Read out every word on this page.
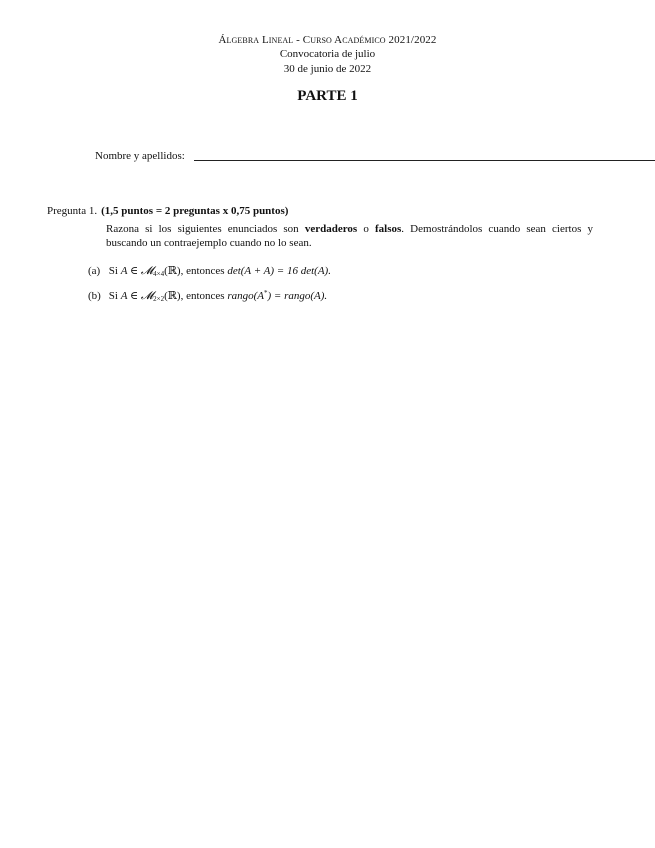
Álgebra Lineal - Curso Académico 2021/2022
Convocatoria de julio
30 de junio de 2022
PARTE 1
Nombre y apellidos:
Pregunta 1. (1,5 puntos = 2 preguntas x 0,75 puntos)
Razona si los siguientes enunciados son verdaderos o falsos. Demostrándolos cuando sean ciertos y buscando un contraejemplo cuando no lo sean.
(a) Si A ∈ 𝓜$_{4\times 4}$(ℝ), entonces det(A + A) = 16 det(A).
(b) Si A ∈ 𝓜$_{2\times 2}$(ℝ), entonces rango(A*) = rango(A).
